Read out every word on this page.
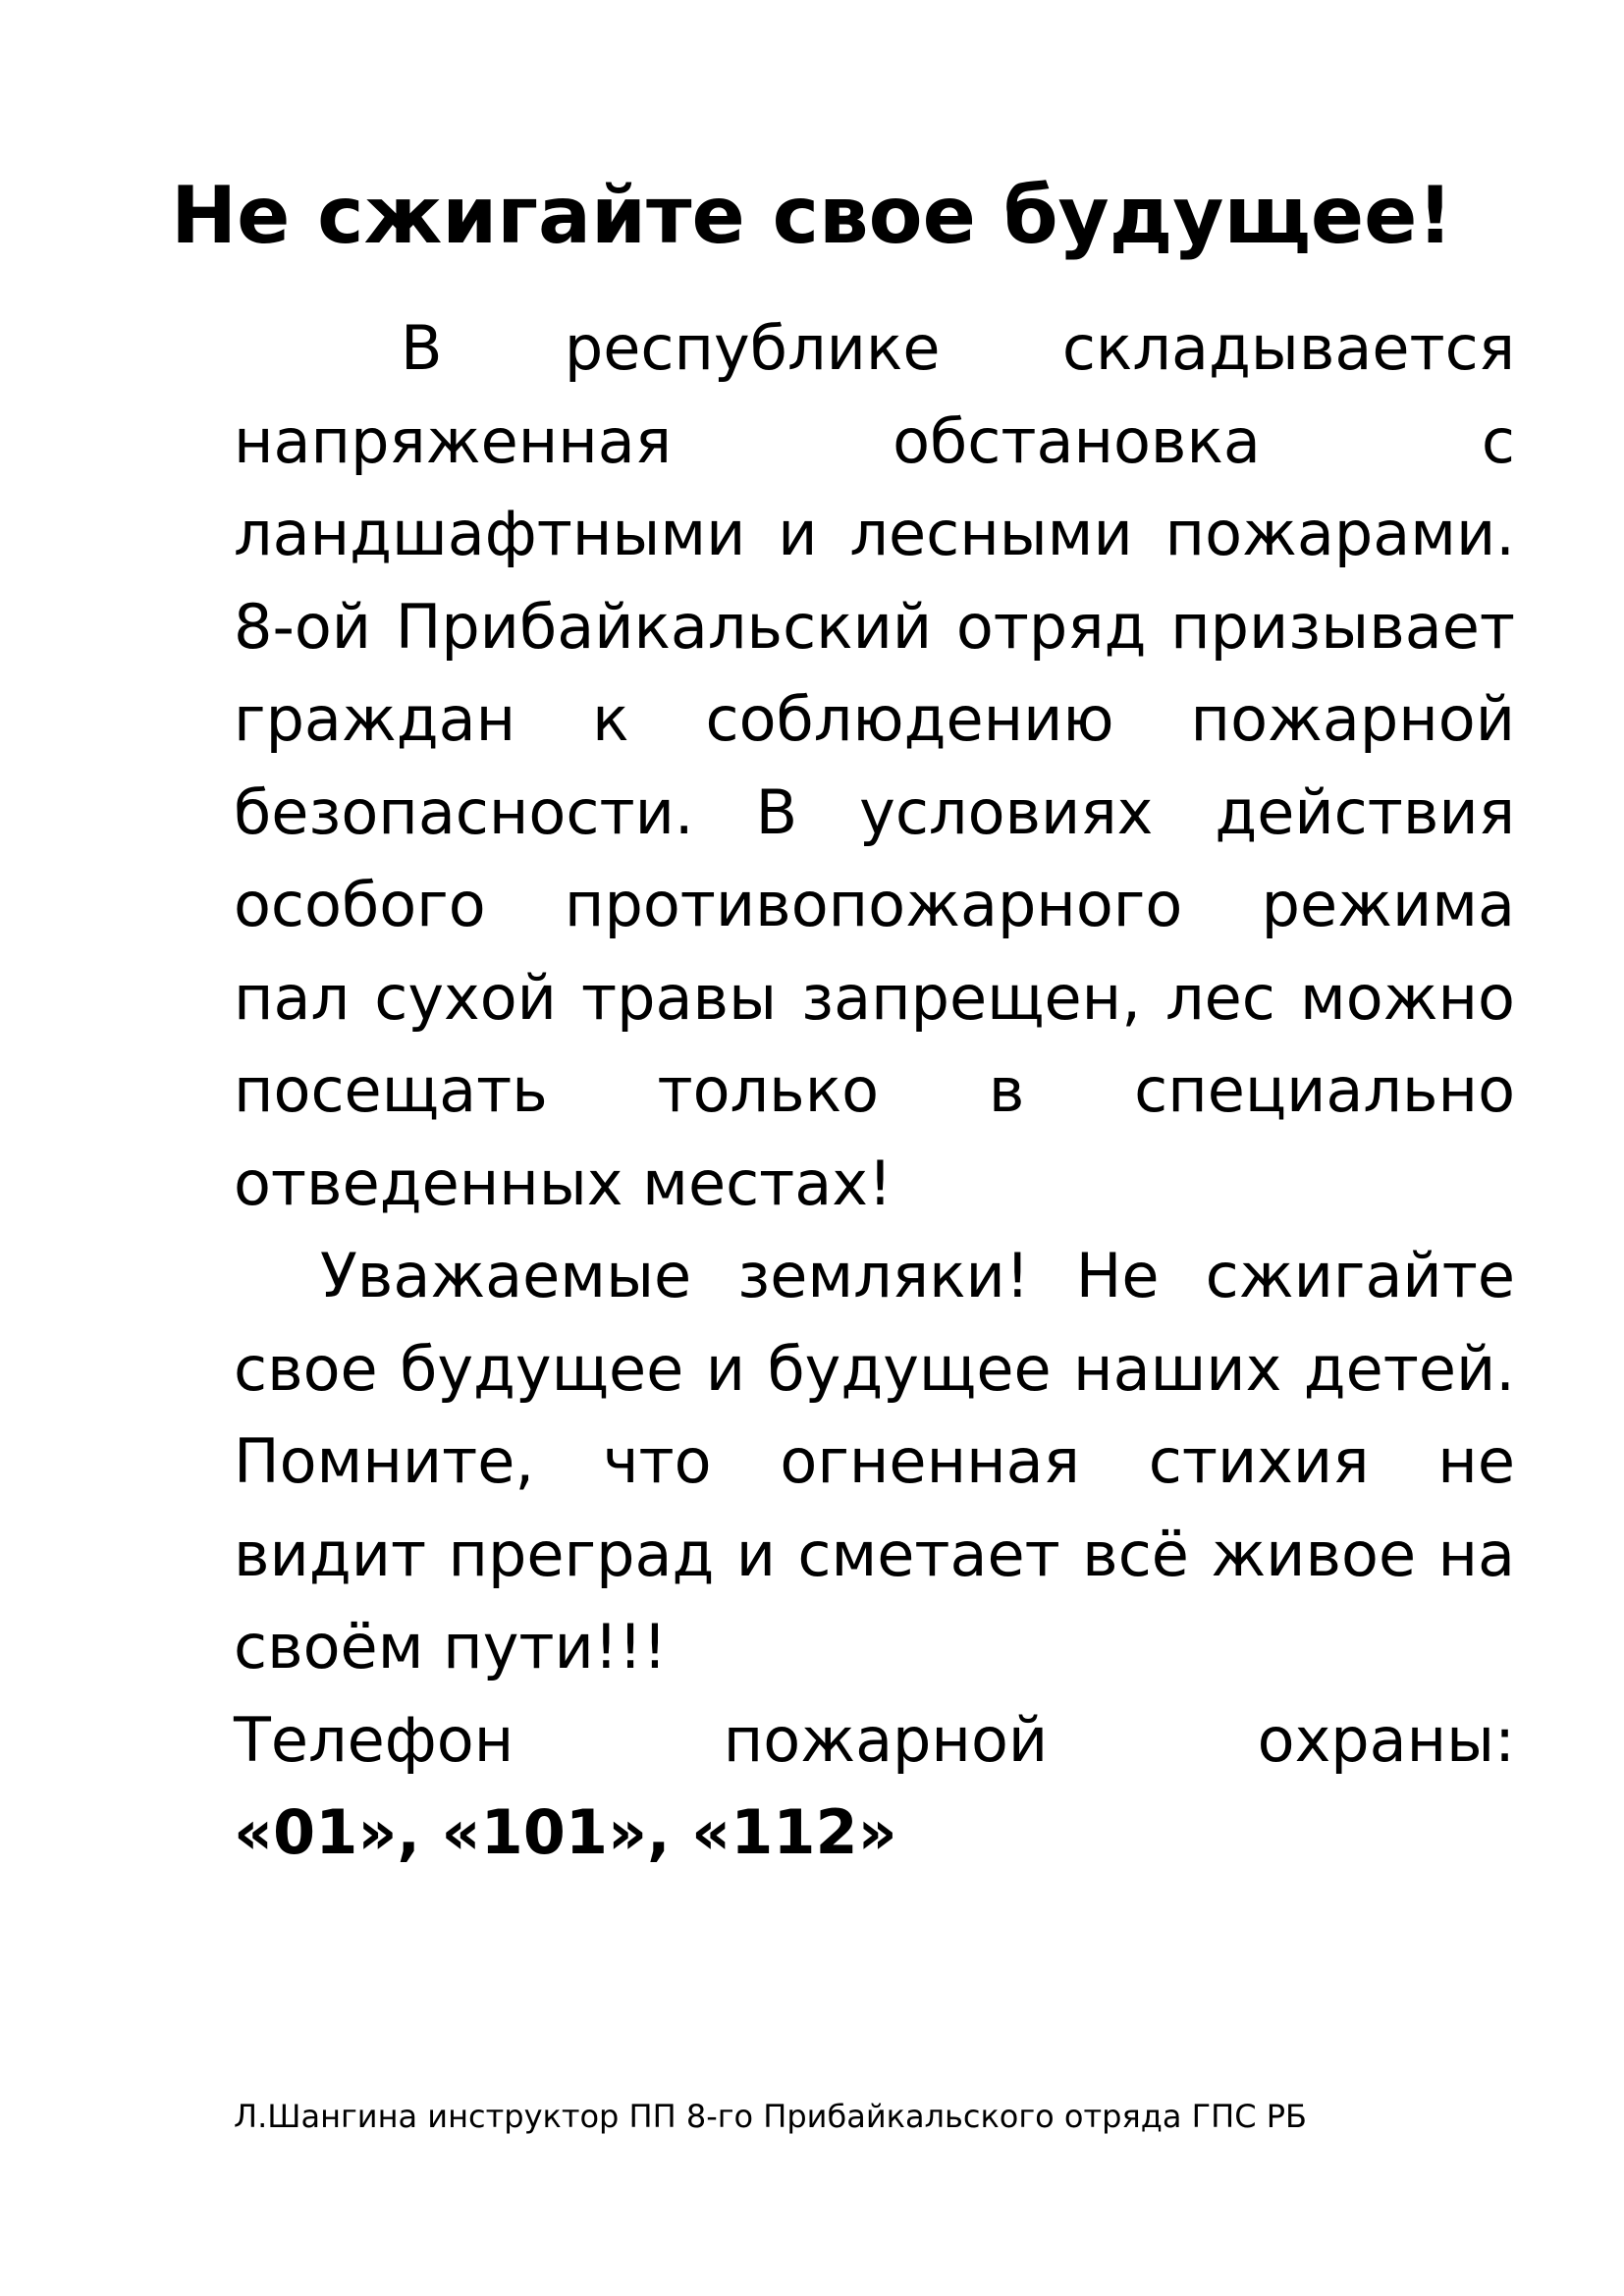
Не сжигайте свое будущее!

В республике складывается напряженная обстановка с ландшафтными и лесными пожарами. 8-ой Прибайкальский отряд призывает граждан к соблюдению пожарной безопасности. В условиях действия особого противопожарного режима пал сухой травы запрещен, лес можно посещать только в специально отведенных местах!

Уважаемые земляки! Не сжигайте свое будущее и будущее наших детей. Помните, что огненная стихия не видит преград и сметает всё живое на своём пути!!!

Телефон пожарной охраны:

«01», «101», «112»

Л.Шангина инструктор ПП 8-го Прибайкальского отряда ГПС РБ
